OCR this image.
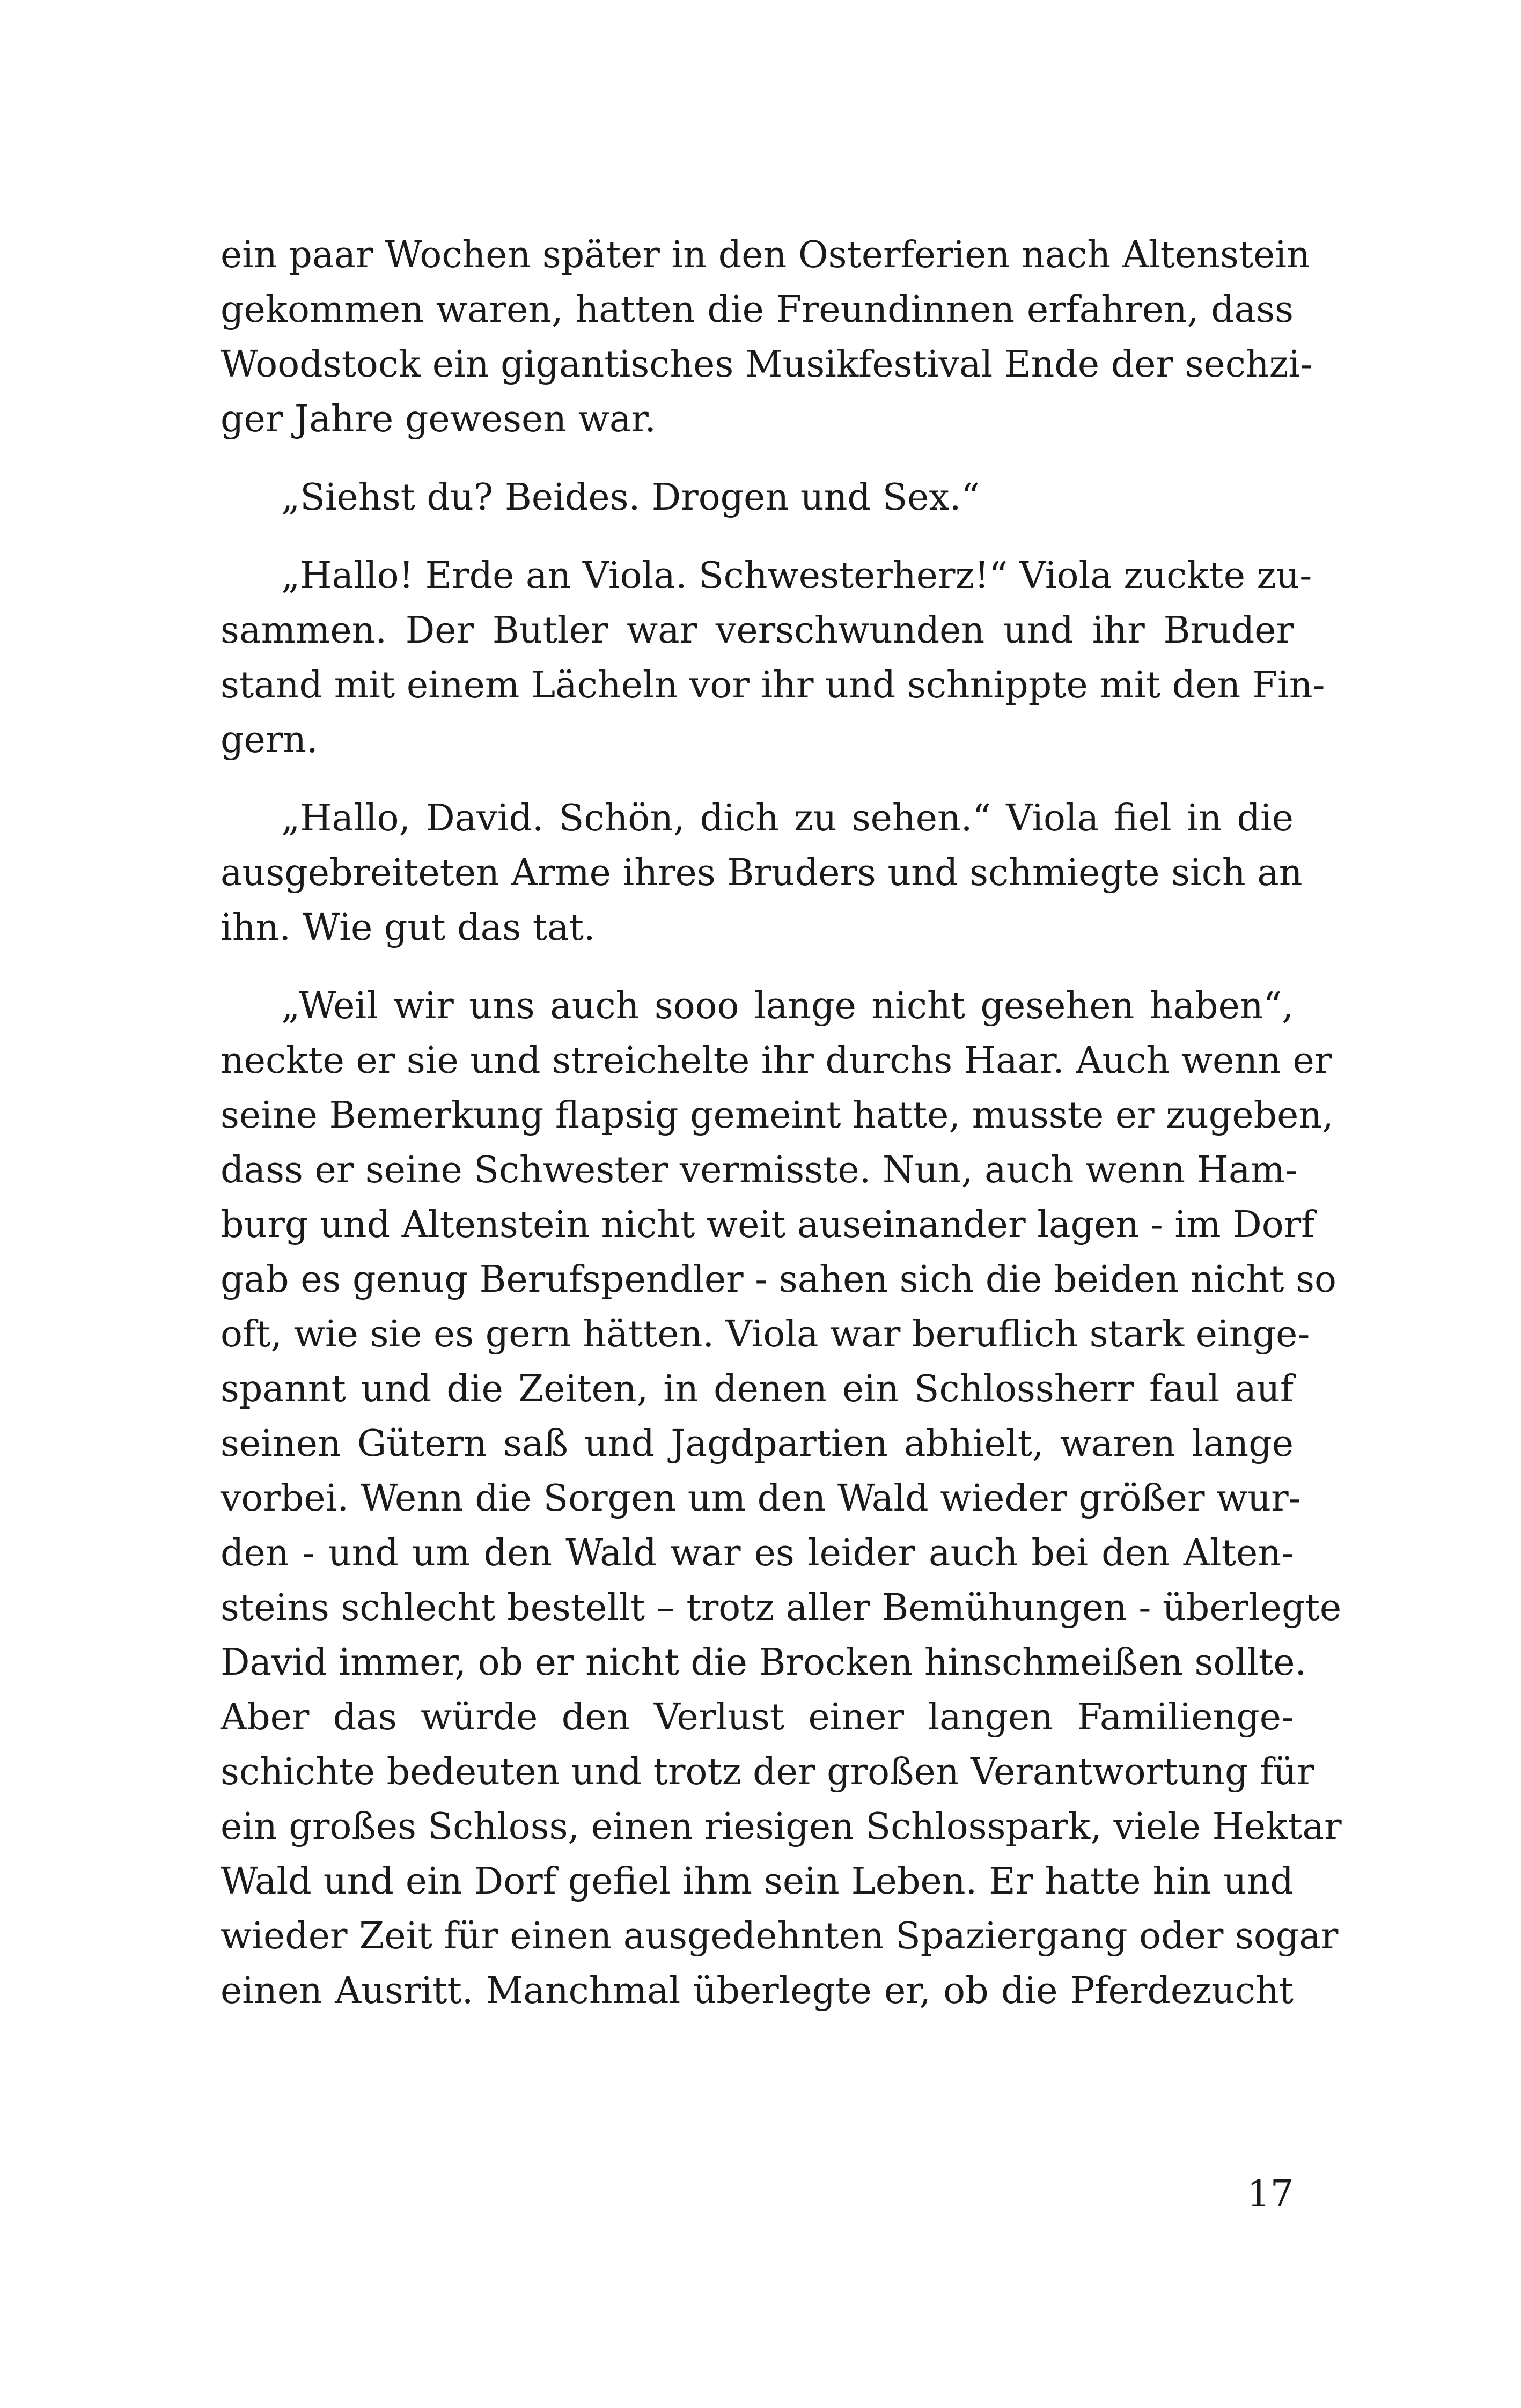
ein paar Wochen später in den Osterferien nach Altenstein
gekommen waren, hatten die Freundinnen erfahren, dass
Woodstock ein gigantisches Musikfestival Ende der sechzi-
ger Jahre gewesen war.
„Siehst du? Beides. Drogen und Sex.“
„Hallo! Erde an Viola. Schwesterherz!“ Viola zuckte zu-
sammen. Der Butler war verschwunden und ihr Bruder
stand mit einem Lächeln vor ihr und schnippte mit den Fin-
gern.
„Hallo, David. Schön, dich zu sehen.“ Viola fiel in die
ausgebreiteten Arme ihres Bruders und schmiegte sich an
ihn. Wie gut das tat.
„Weil wir uns auch sooo lange nicht gesehen haben“,
neckte er sie und streichelte ihr durchs Haar. Auch wenn er
seine Bemerkung flapsig gemeint hatte, musste er zugeben,
dass er seine Schwester vermisste. Nun, auch wenn Ham-
burg und Altenstein nicht weit auseinander lagen - im Dorf
gab es genug Berufspendler - sahen sich die beiden nicht so
oft, wie sie es gern hätten. Viola war beruflich stark einge-
spannt und die Zeiten, in denen ein Schlossherr faul auf
seinen Gütern saß und Jagdpartien abhielt, waren lange
vorbei. Wenn die Sorgen um den Wald wieder größer wur-
den - und um den Wald war es leider auch bei den Alten-
steins schlecht bestellt – trotz aller Bemühungen - überlegte
David immer, ob er nicht die Brocken hinschmeißen sollte.
Aber das würde den Verlust einer langen Familienge-
schichte bedeuten und trotz der großen Verantwortung für
ein großes Schloss, einen riesigen Schlosspark, viele Hektar
Wald und ein Dorf gefiel ihm sein Leben. Er hatte hin und
wieder Zeit für einen ausgedehnten Spaziergang oder sogar
einen Ausritt. Manchmal überlegte er, ob die Pferdezucht
17
